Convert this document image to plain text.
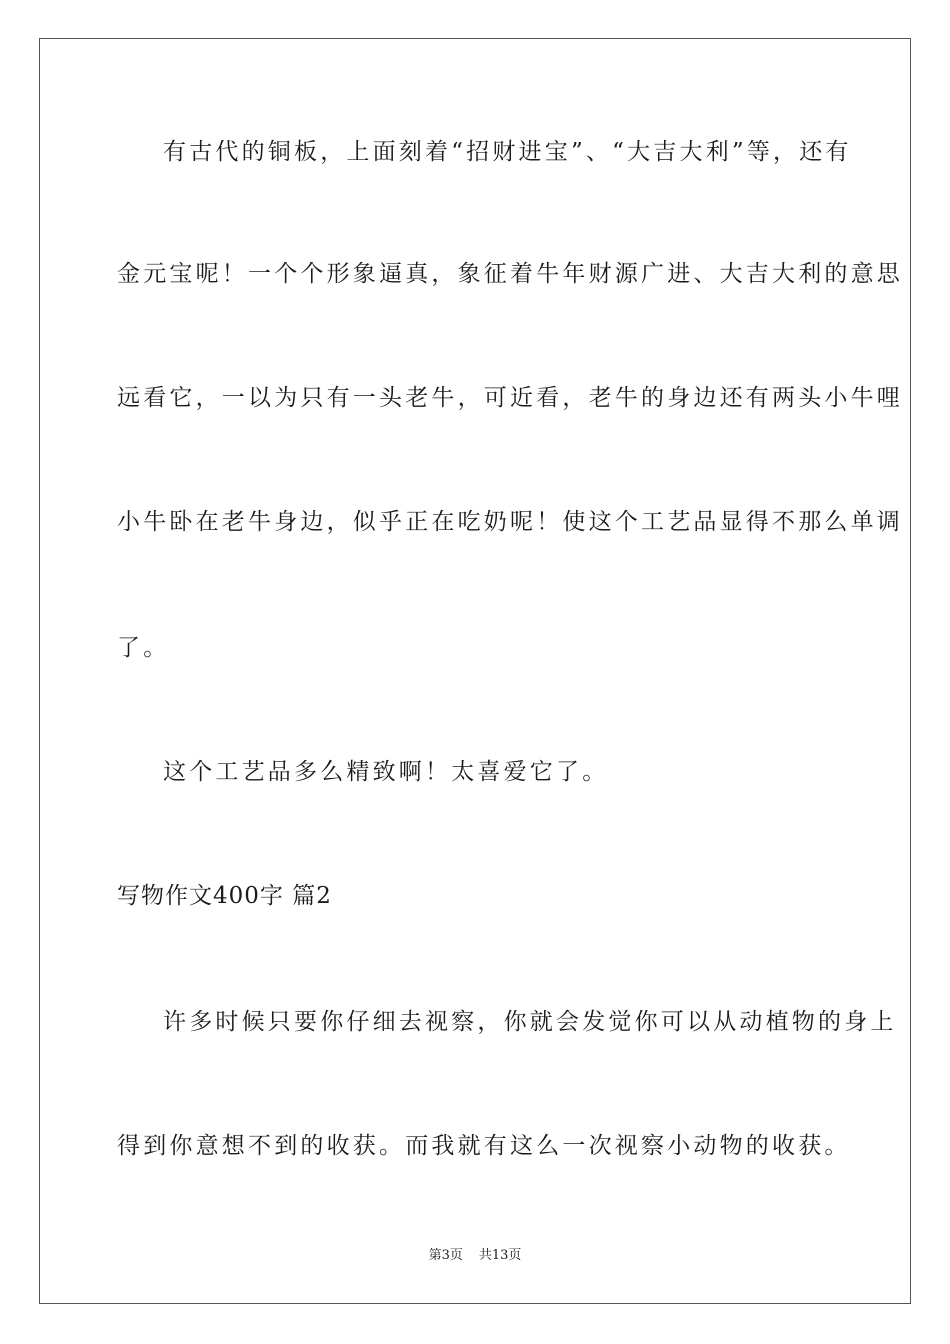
有古代的铜板，上面刻着“招财进宝”、“大吉大利”等，还有
金元宝呢！一个个形象逼真，象征着牛年财源广进、大吉大利的意思
远看它，一以为只有一头老牛，可近看，老牛的身边还有两头小牛哩
小牛卧在老牛身边，似乎正在吃奶呢！使这个工艺品显得不那么单调
了。
这个工艺品多么精致啊！太喜爱它了。
写物作文400字 篇2
许多时候只要你仔细去视察，你就会发觉你可以从动植物的身上
得到你意想不到的收获。而我就有这么一次视察小动物的收获。
第3页 共13页
